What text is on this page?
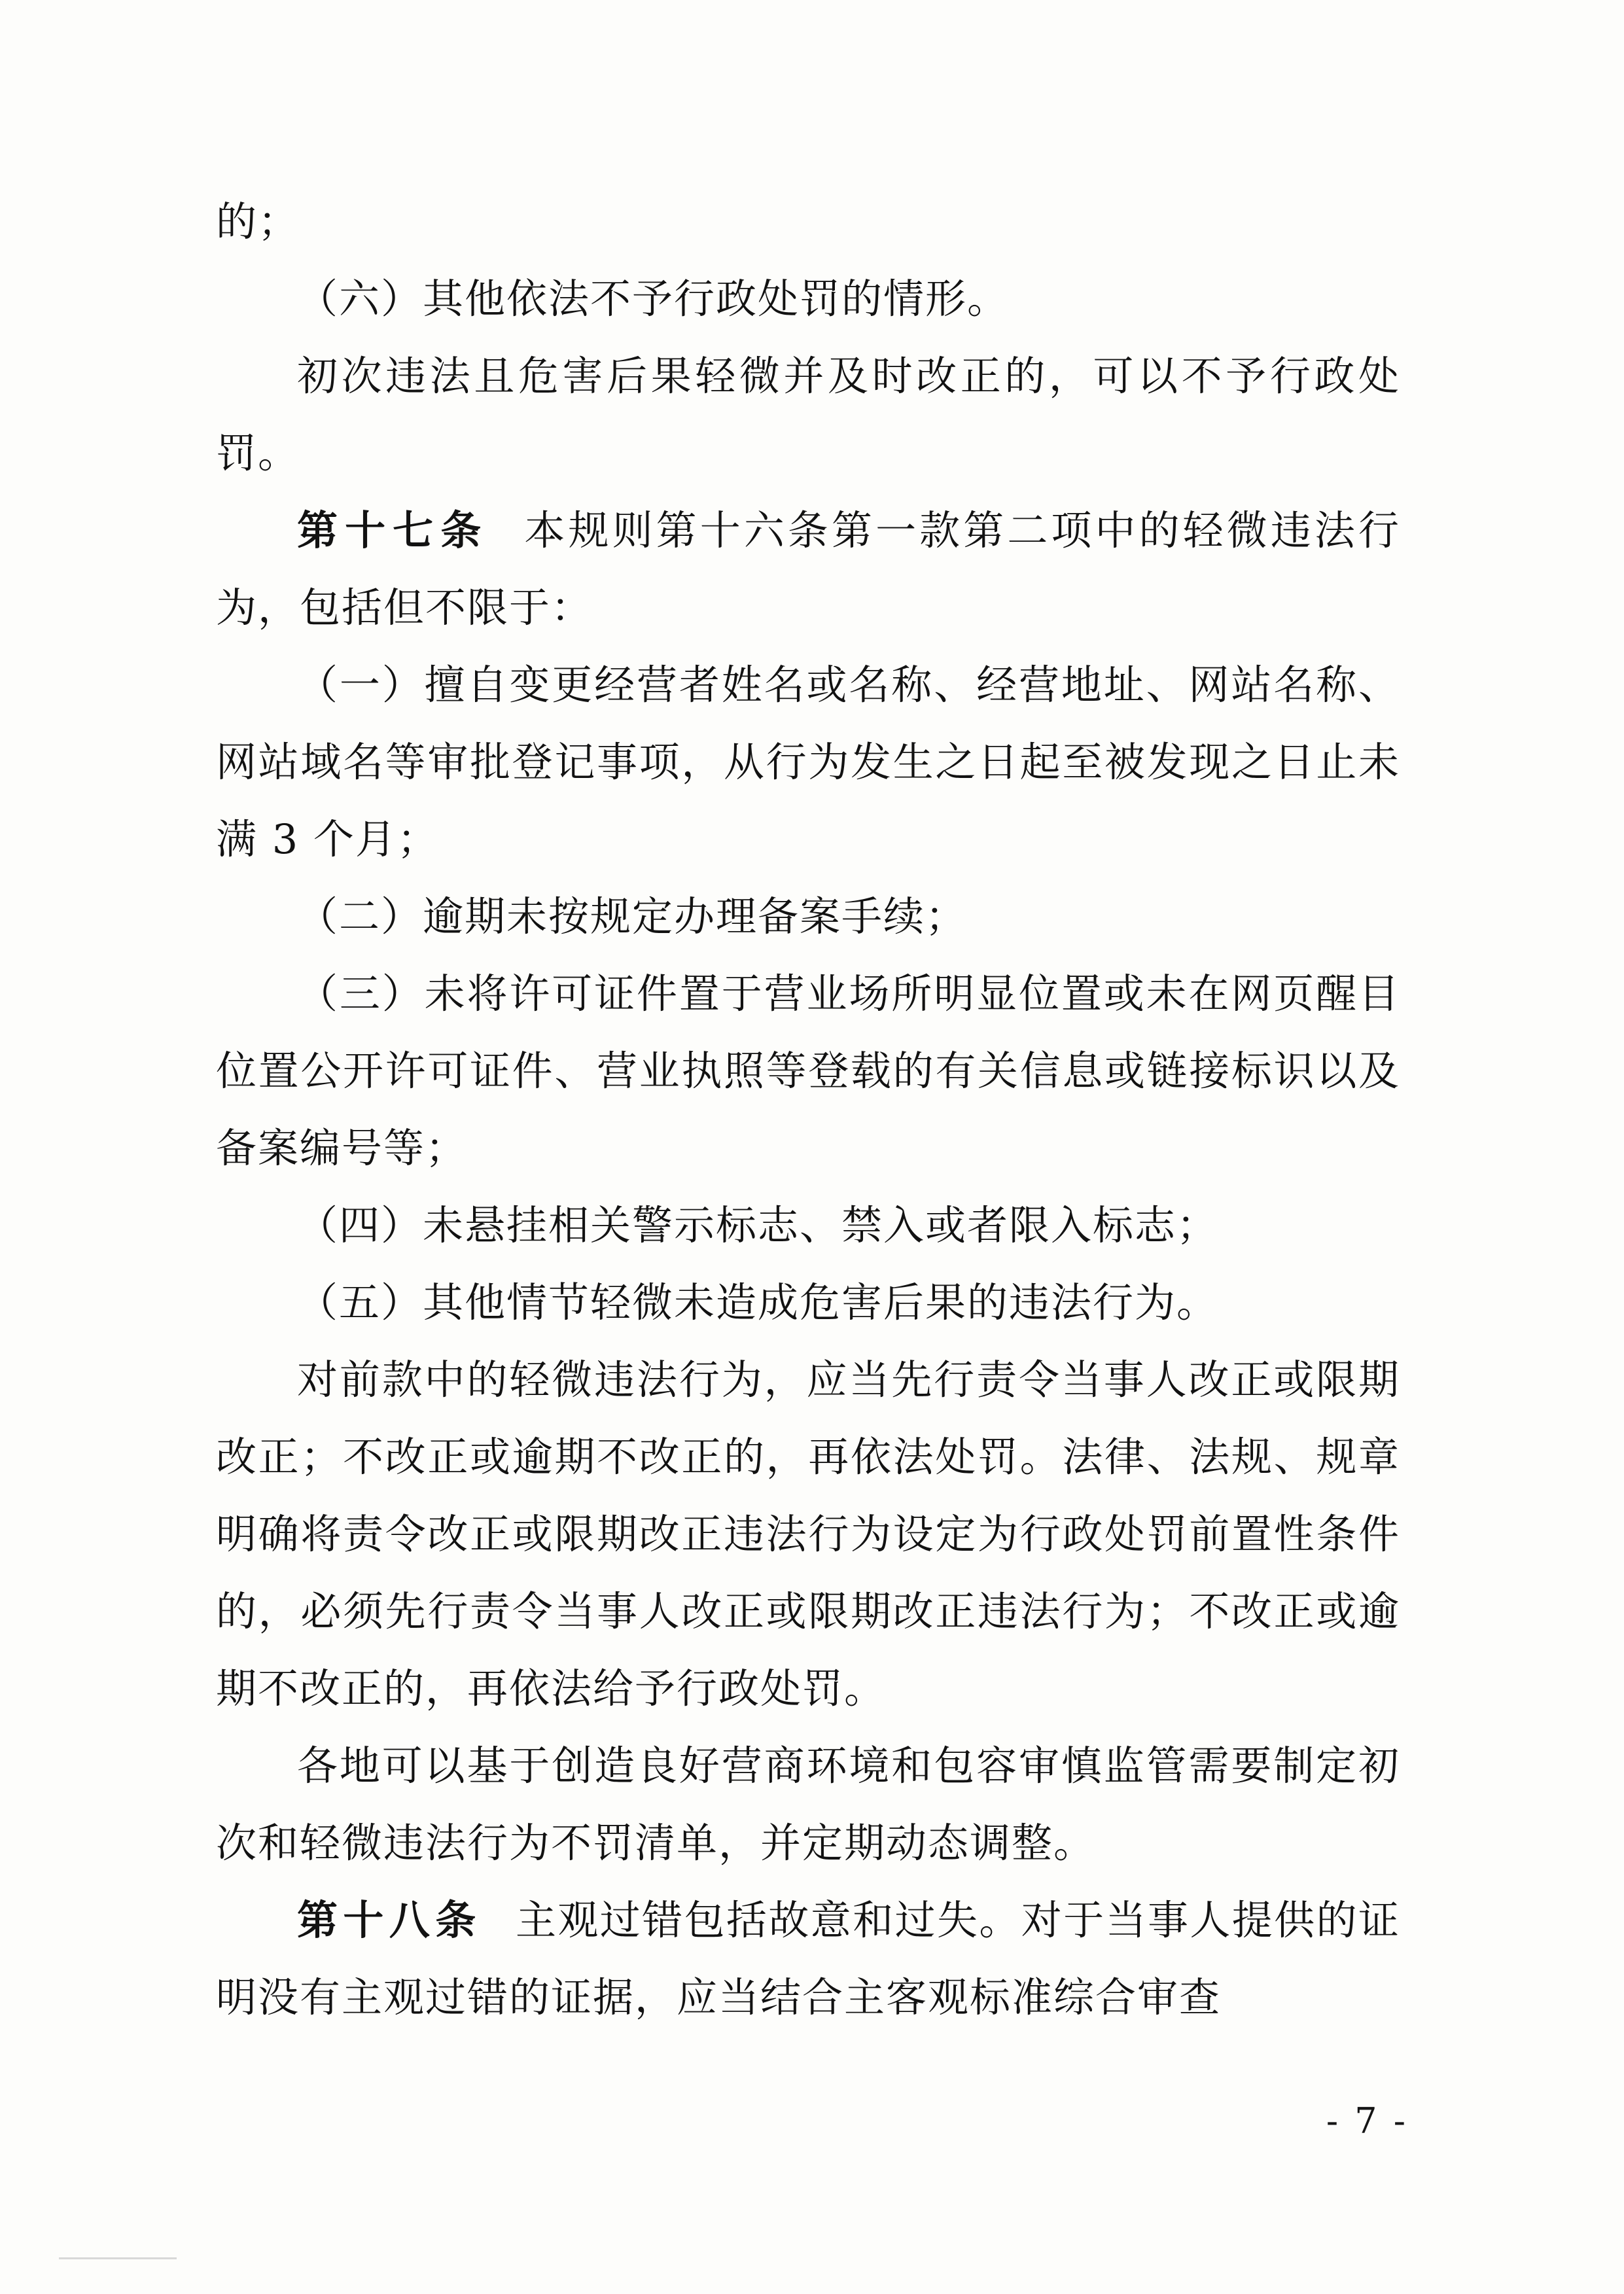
的；

（六）其他依法不予行政处罚的情形。

初次违法且危害后果轻微并及时改正的，可以不予行政处罚。

第十七条 本规则第十六条第一款第二项中的轻微违法行为，包括但不限于：

（一）擅自变更经营者姓名或名称、经营地址、网站名称、网站域名等审批登记事项，从行为发生之日起至被发现之日止未满 3 个月；

（二）逾期未按规定办理备案手续；

（三）未将许可证件置于营业场所明显位置或未在网页醒目位置公开许可证件、营业执照等登载的有关信息或链接标识以及备案编号等；

（四）未悬挂相关警示标志、禁入或者限入标志；

（五）其他情节轻微未造成危害后果的违法行为。

对前款中的轻微违法行为，应当先行责令当事人改正或限期改正；不改正或逾期不改正的，再依法处罚。法律、法规、规章明确将责令改正或限期改正违法行为设定为行政处罚前置性条件的，必须先行责令当事人改正或限期改正违法行为；不改正或逾期不改正的，再依法给予行政处罚。

各地可以基于创造良好营商环境和包容审慎监管需要制定初次和轻微违法行为不罚清单，并定期动态调整。

第十八条 主观过错包括故意和过失。对于当事人提供的证明没有主观过错的证据，应当结合主客观标准综合审查

- 7 -
